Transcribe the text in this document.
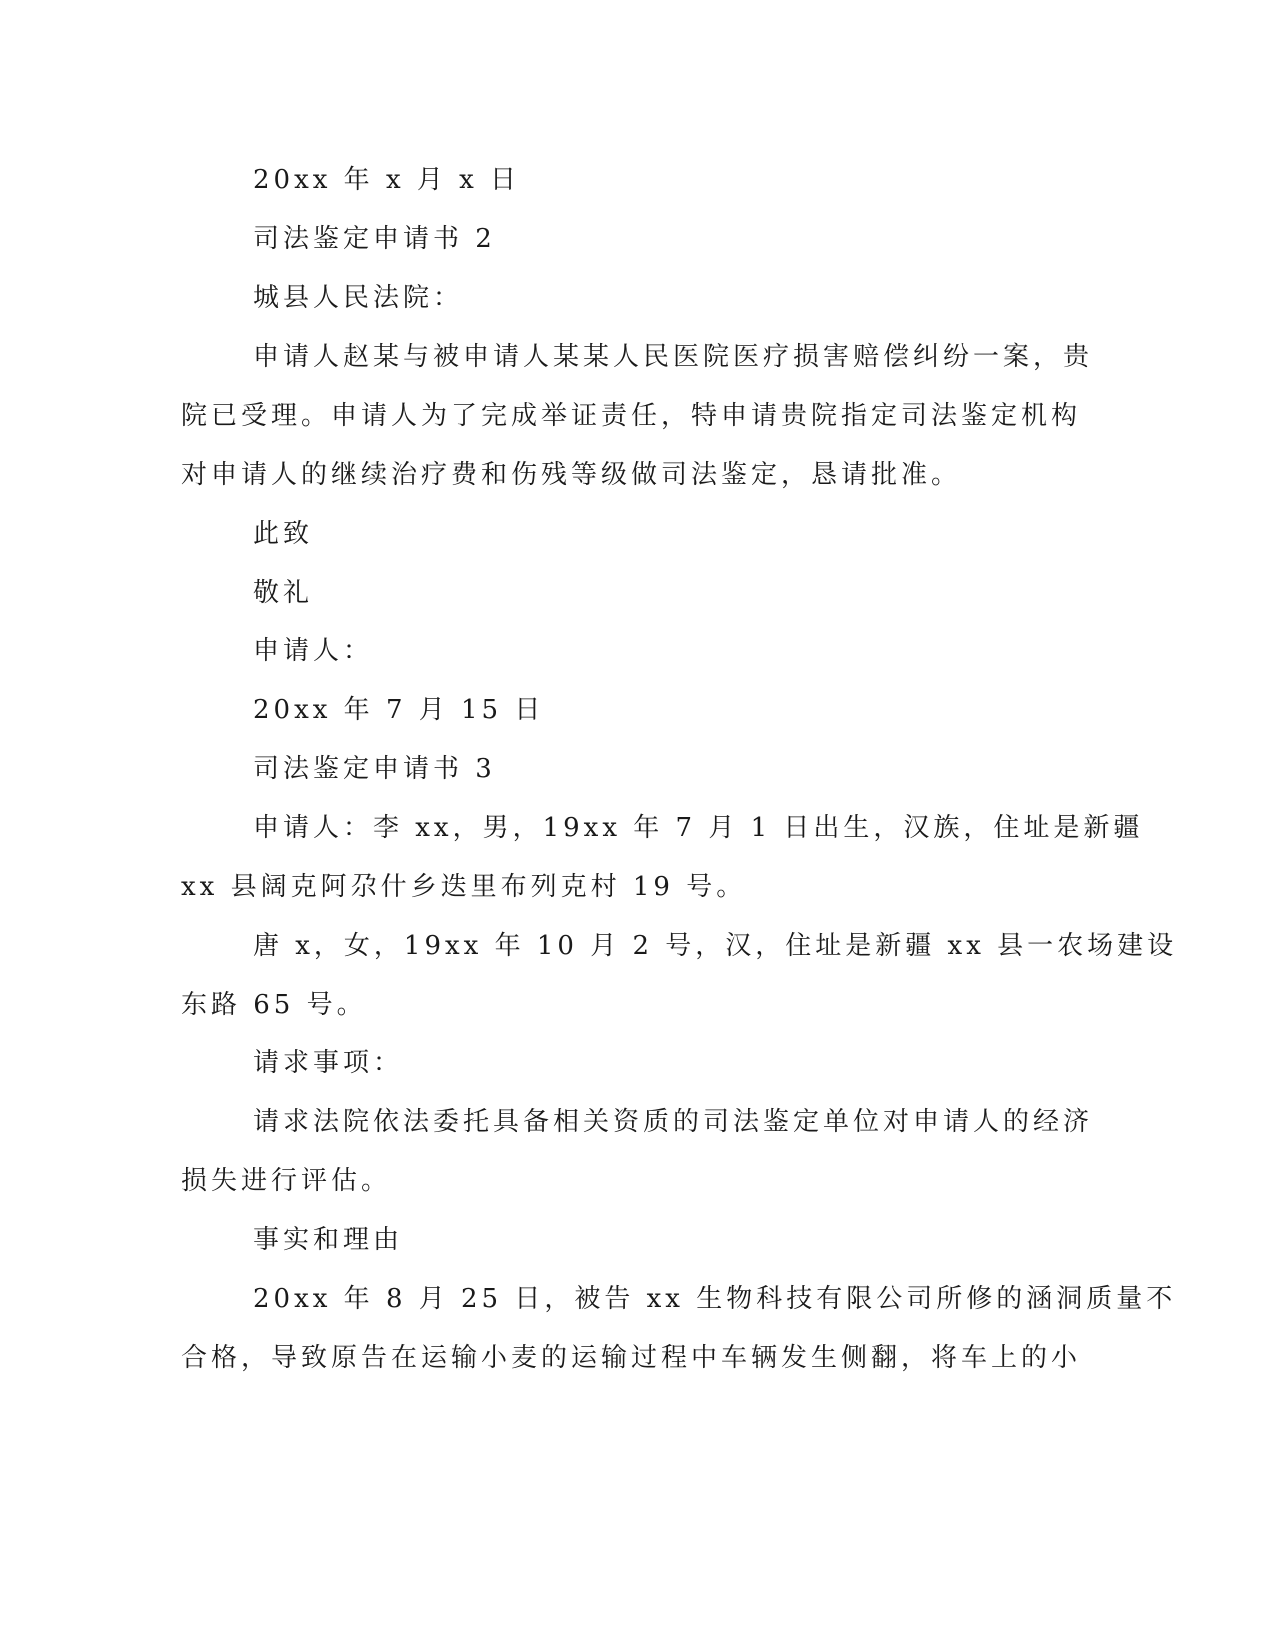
20xx 年 x 月 x 日
司法鉴定申请书 2
城县人民法院：
申请人赵某与被申请人某某人民医院医疗损害赔偿纠纷一案，贵
院已受理。申请人为了完成举证责任，特申请贵院指定司法鉴定机构
对申请人的继续治疗费和伤残等级做司法鉴定，恳请批准。
此致
敬礼
申请人：
20xx 年 7 月 15 日
司法鉴定申请书 3
申请人：李 xx，男，19xx 年 7 月 1 日出生，汉族，住址是新疆
xx 县阔克阿尕什乡迭里布列克村 19 号。
唐 x，女，19xx 年 10 月 2 号，汉，住址是新疆 xx 县一农场建设
东路 65 号。
请求事项：
请求法院依法委托具备相关资质的司法鉴定单位对申请人的经济
损失进行评估。
事实和理由
20xx 年 8 月 25 日，被告 xx 生物科技有限公司所修的涵洞质量不
合格，导致原告在运输小麦的运输过程中车辆发生侧翻，将车上的小
